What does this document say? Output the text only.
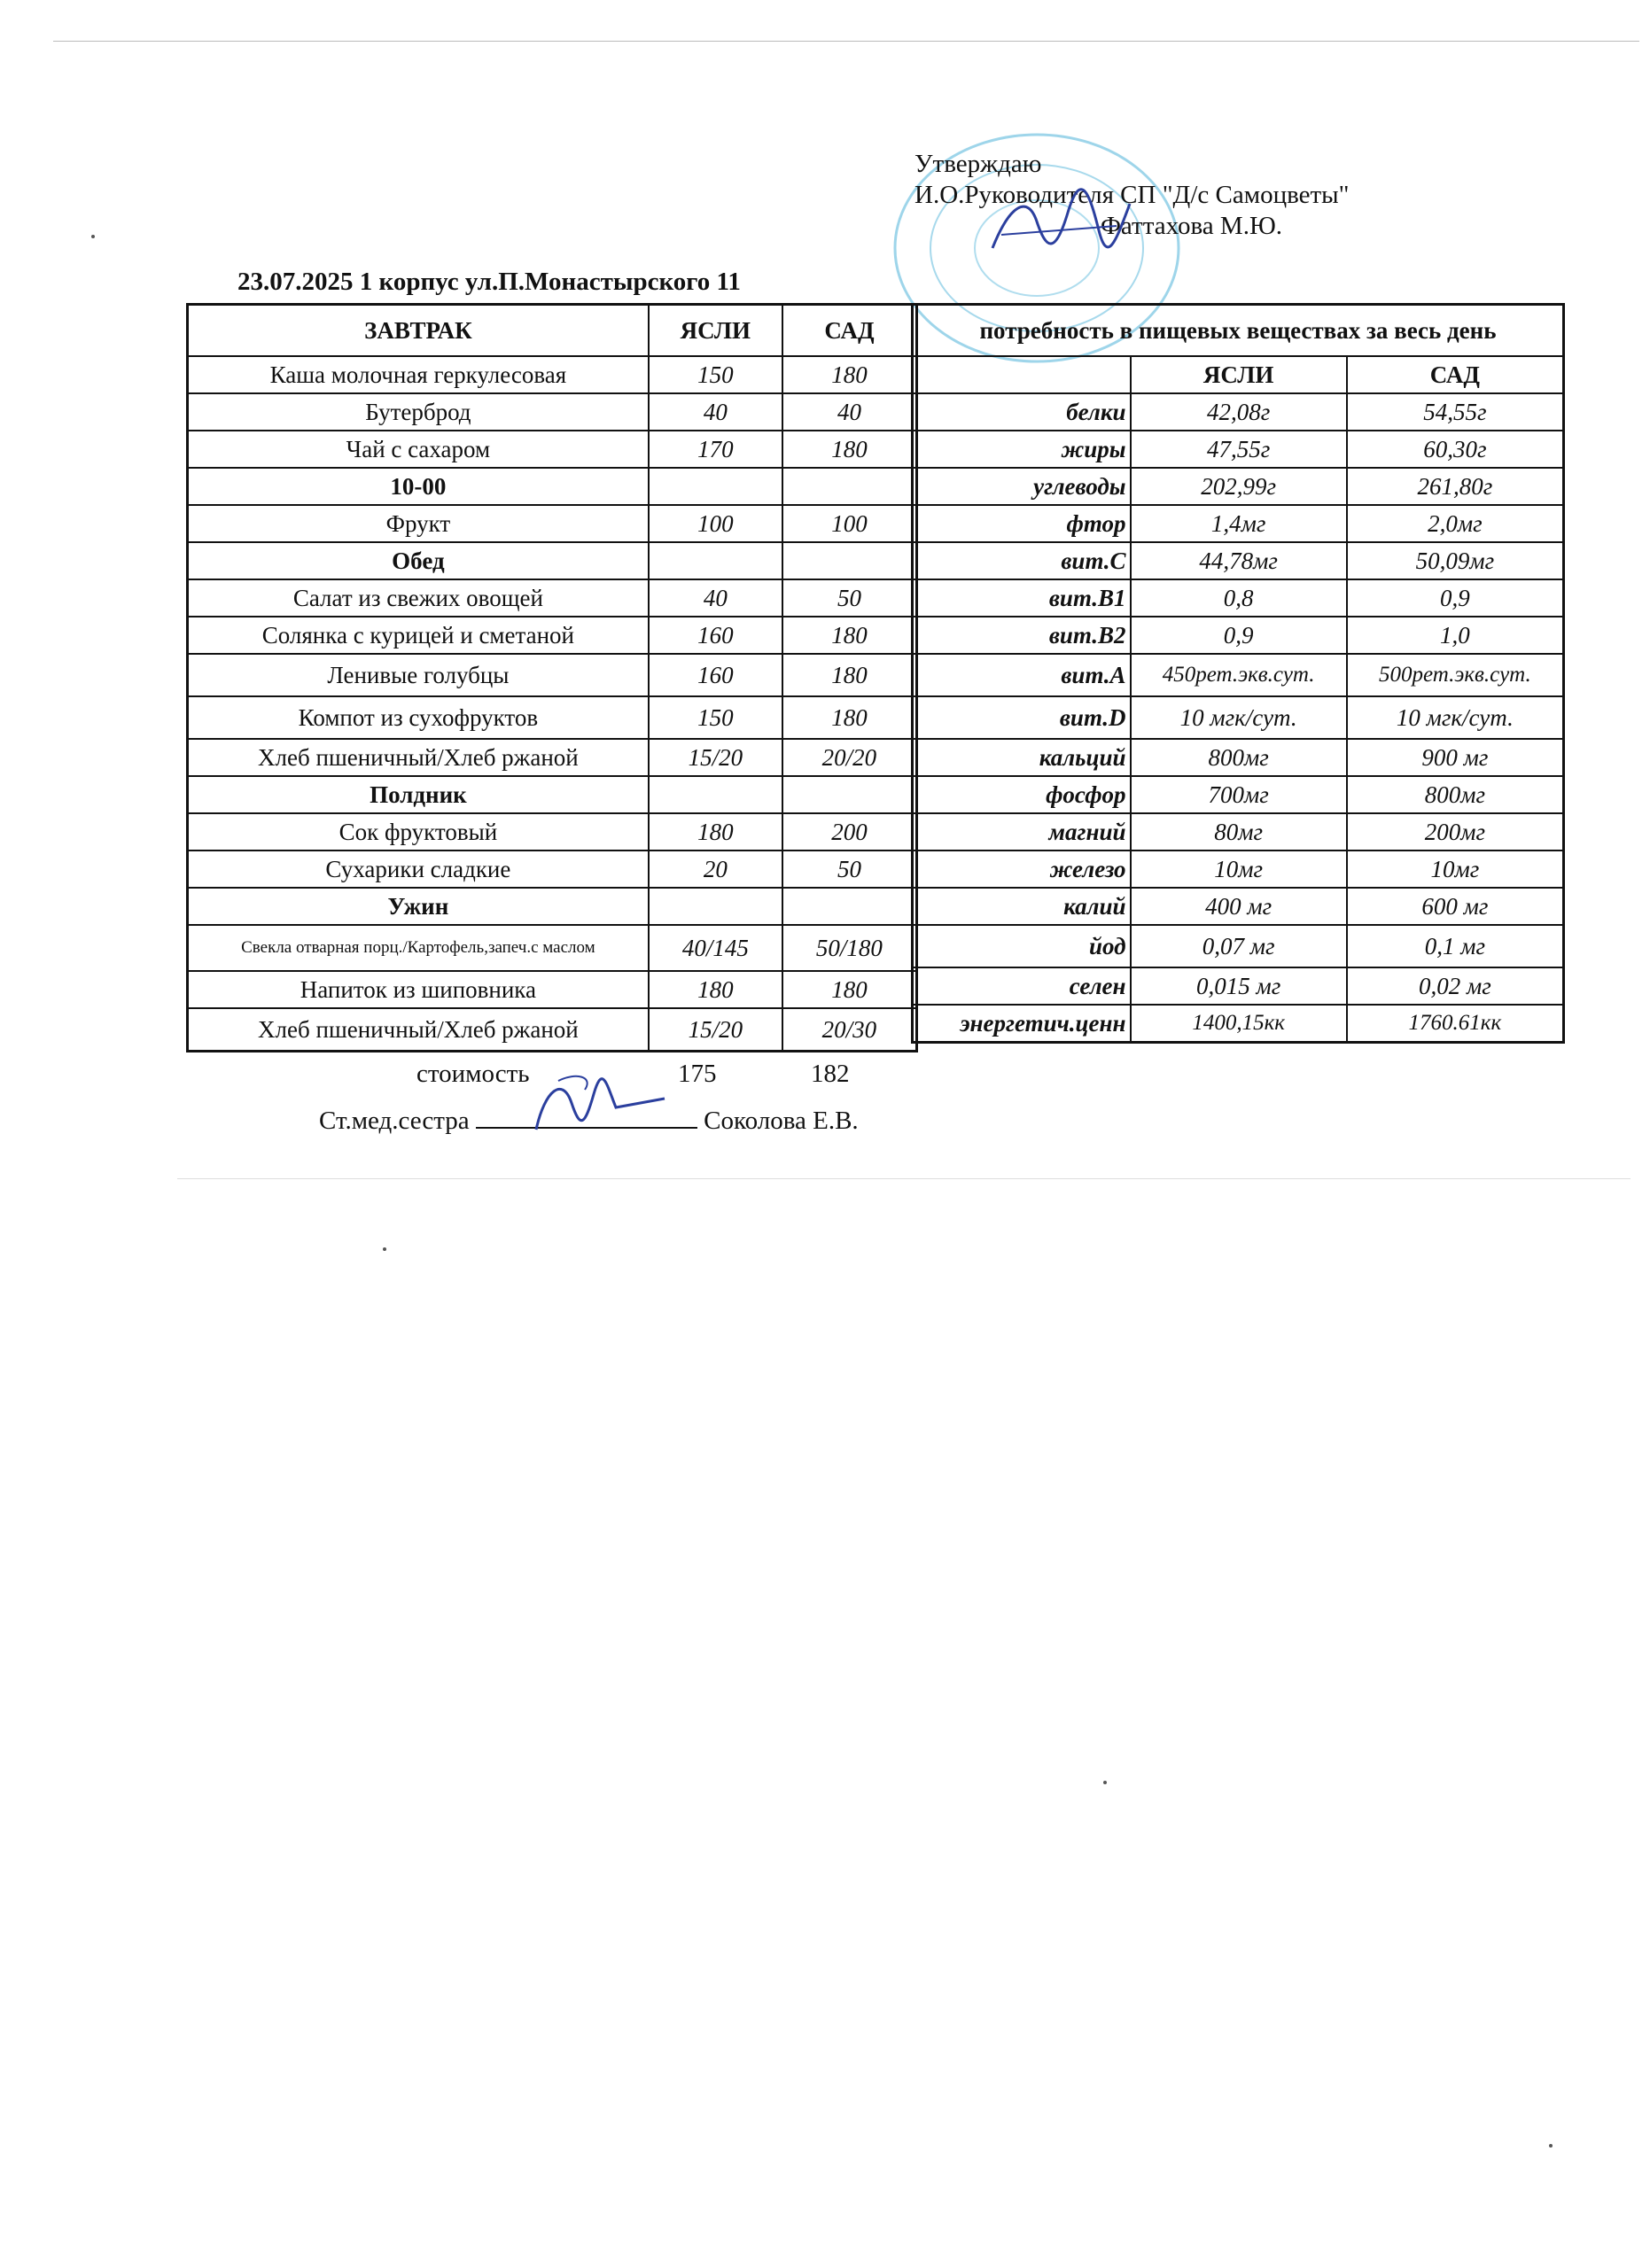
Утверждаю
И.О.Руководителя СП "Д/с Самоцветы"
Фаттахова М.Ю.
23.07.2025 1 корпус ул.П.Монастырского 11
ЗАВТРАК	ЯСЛИ	САД
Каша молочная геркулесовая	150	180
Бутерброд	40	40
Чай с сахаром	170	180
10-00		
Фрукт	100	100
Обед		
Салат из свежих овощей	40	50
Солянка с курицей и сметаной	160	180
Ленивые голубцы	160	180
Компот из сухофруктов	150	180
Хлеб пшеничный/Хлеб ржаной	15/20	20/20
Полдник		
Сок фруктовый	180	200
Сухарики сладкие	20	50
Ужин		
Свекла отварная порц./Картофель,запеч.с маслом	40/145	50/180
Напиток из шиповника	180	180
Хлеб пшеничный/Хлеб ржаной	15/20	20/30
потребность в пищевых веществах за весь день		
	ЯСЛИ	САД
белки	42,08г	54,55г
жиры	47,55г	60,30г
углеводы	202,99г	261,80г
фтор	1,4мг	2,0мг
вит.С	44,78мг	50,09мг
вит.В1	0,8	0,9
вит.В2	0,9	1,0
вит.А	450рет.экв.сут.	500рет.экв.сут.
вит.D	10 мгк/сут.	10 мгк/сут.
кальций	800мг	900 мг
фосфор	700мг	800мг
магний	80мг	200мг
железо	10мг	10мг
калий	400 мг	600 мг
йод	0,07 мг	0,1 мг
селен	0,015 мг	0,02 мг
энергетич.ценн	1400,15кк	1760.61кк
стоимость	175	182
Ст.мед.сестра	Соколова Е.В.
